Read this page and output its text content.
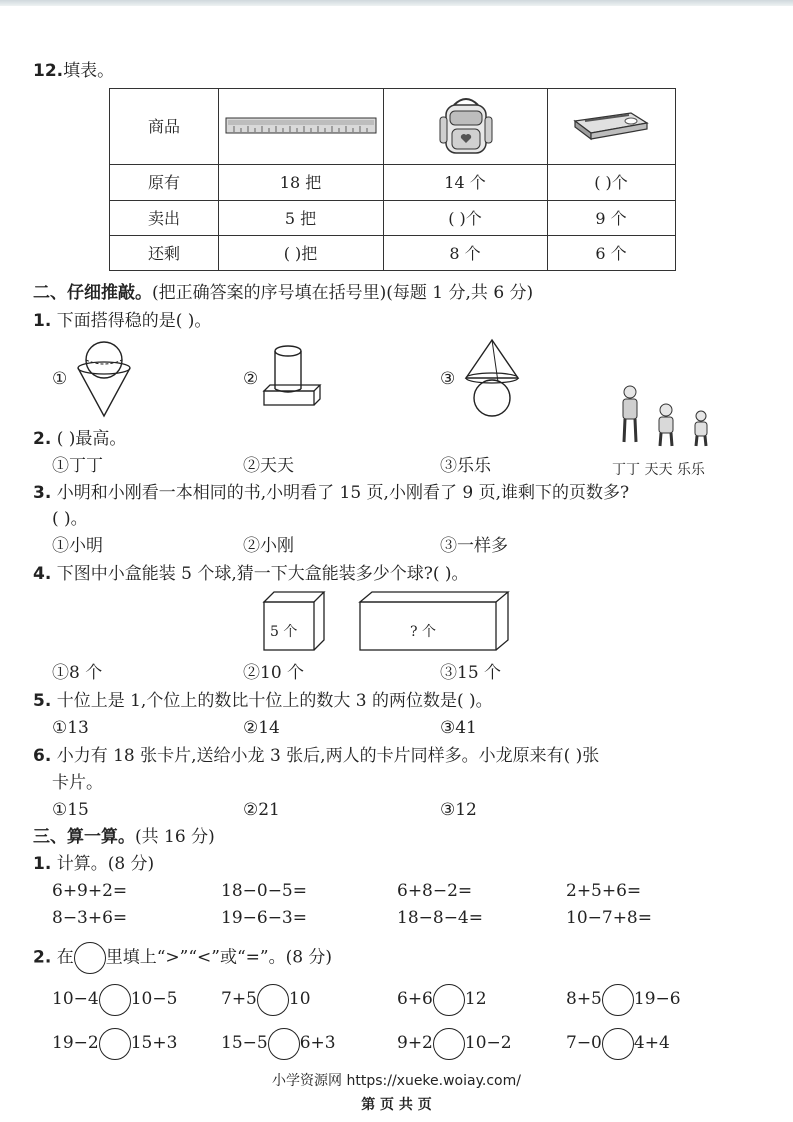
12.填表。
商品
原有	18 把	14 个	( )个
卖出	5 把	( )个	9 个
还剩	( )把	8 个	6 个
二、仔细推敲。(把正确答案的序号填在括号里)(每题 1 分,共 6 分)
1. 下面搭得稳的是( )。
①	②	③
丁丁 天天 乐乐
2. ( )最高。
①丁丁	②天天	③乐乐
3. 小明和小刚看一本相同的书,小明看了 15 页,小刚看了 9 页,谁剩下的页数多?
( )。
①小明	②小刚	③一样多
4. 下图中小盒能装 5 个球,猜一下大盒能装多少个球?( )。
5 个	? 个
①8 个	②10 个	③15 个
5. 十位上是 1,个位上的数比十位上的数大 3 的两位数是( )。
①13	②14	③41
6. 小力有 18 张卡片,送给小龙 3 张后,两人的卡片同样多。小龙原来有( )张
卡片。
①15	②21	③12
三、算一算。(共 16 分)
1. 计算。(8 分)
6+9+2=	18−0−5=	6+8−2=	2+5+6=
8−3+6=	19−6−3=	18−8−4=	10−7+8=
2. 在 里填上“>”“<”或“=”。(8 分)
10−4 10−5	7+5 10	6+6 12	8+5 19−6
19−2 15+3	15−5 6+3	9+2 10−2	7−0 4+4
小学资源网 https://xueke.woiay.com/
第 页 共 页
